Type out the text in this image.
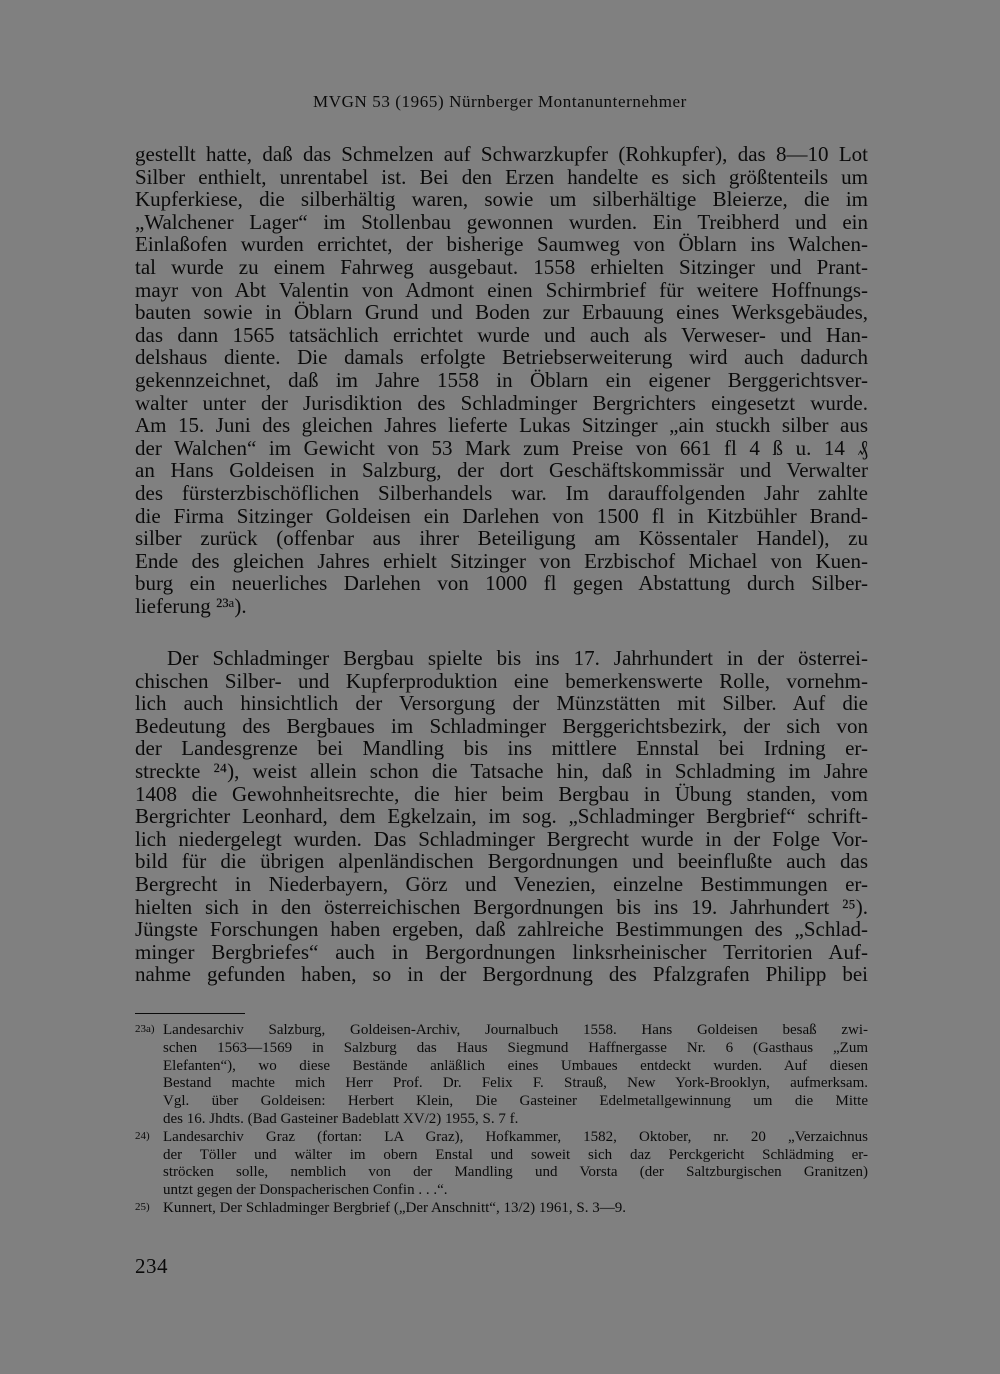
MVGN 53 (1965) Nürnberger Montanunternehmer
gestellt hatte, daß das Schmelzen auf Schwarzkupfer (Rohkupfer), das 8—10 Lot
Silber enthielt, unrentabel ist. Bei den Erzen handelte es sich größtenteils um
Kupferkiese, die silberhältig waren, sowie um silberhältige Bleierze, die im
„Walchener Lager“ im Stollenbau gewonnen wurden. Ein Treibherd und ein
Einlaßofen wurden errichtet, der bisherige Saumweg von Öblarn ins Walchen-
tal wurde zu einem Fahrweg ausgebaut. 1558 erhielten Sitzinger und Prant-
mayr von Abt Valentin von Admont einen Schirmbrief für weitere Hoffnungs-
bauten sowie in Öblarn Grund und Boden zur Erbauung eines Werksgebäudes,
das dann 1565 tatsächlich errichtet wurde und auch als Verweser- und Han-
delshaus diente. Die damals erfolgte Betriebserweiterung wird auch dadurch
gekennzeichnet, daß im Jahre 1558 in Öblarn ein eigener Berggerichtsver-
walter unter der Jurisdiktion des Schladminger Bergrichters eingesetzt wurde.
Am 15. Juni des gleichen Jahres lieferte Lukas Sitzinger „ain stuckh silber aus
der Walchen“ im Gewicht von 53 Mark zum Preise von 661 fl 4 ß u. 14 ₰
an Hans Goldeisen in Salzburg, der dort Geschäftskommissär und Verwalter
des fürsterzbischöflichen Silberhandels war. Im darauffolgenden Jahr zahlte
die Firma Sitzinger Goldeisen ein Darlehen von 1500 fl in Kitzbühler Brand-
silber zurück (offenbar aus ihrer Beteiligung am Kössentaler Handel), zu
Ende des gleichen Jahres erhielt Sitzinger von Erzbischof Michael von Kuen-
burg ein neuerliches Darlehen von 1000 fl gegen Abstattung durch Silber-
lieferung ²³ᵃ).
Der Schladminger Bergbau spielte bis ins 17. Jahrhundert in der österrei-
chischen Silber- und Kupferproduktion eine bemerkenswerte Rolle, vornehm-
lich auch hinsichtlich der Versorgung der Münzstätten mit Silber. Auf die
Bedeutung des Bergbaues im Schladminger Berggerichtsbezirk, der sich von
der Landesgrenze bei Mandling bis ins mittlere Ennstal bei Irdning er-
streckte ²⁴), weist allein schon die Tatsache hin, daß in Schladming im Jahre
1408 die Gewohnheitsrechte, die hier beim Bergbau in Übung standen, vom
Bergrichter Leonhard, dem Egkelzain, im sog. „Schladminger Bergbrief“ schrift-
lich niedergelegt wurden. Das Schladminger Bergrecht wurde in der Folge Vor-
bild für die übrigen alpenländischen Bergordnungen und beeinflußte auch das
Bergrecht in Niederbayern, Görz und Venezien, einzelne Bestimmungen er-
hielten sich in den österreichischen Bergordnungen bis ins 19. Jahrhundert ²⁵).
Jüngste Forschungen haben ergeben, daß zahlreiche Bestimmungen des „Schlad-
minger Bergbriefes“ auch in Bergordnungen linksrheinischer Territorien Auf-
nahme gefunden haben, so in der Bergordnung des Pfalzgrafen Philipp bei
23a) Landesarchiv Salzburg, Goldeisen-Archiv, Journalbuch 1558. Hans Goldeisen besaß zwi-
schen 1563—1569 in Salzburg das Haus Siegmund Haffnergasse Nr. 6 (Gasthaus „Zum
Elefanten“), wo diese Bestände anläßlich eines Umbaues entdeckt wurden. Auf diesen
Bestand machte mich Herr Prof. Dr. Felix F. Strauß, New York-Brooklyn, aufmerksam.
Vgl. über Goldeisen: Herbert Klein, Die Gasteiner Edelmetallgewinnung um die Mitte
des 16. Jhdts. (Bad Gasteiner Badeblatt XV/2) 1955, S. 7 f.
24) Landesarchiv Graz (fortan: LA Graz), Hofkammer, 1582, Oktober, nr. 20 „Verzaichnus
der Töller und wälter im obern Enstal und soweit sich daz Perckgericht Schlädming er-
ströcken solle, nemblich von der Mandling und Vorsta (der Saltzburgischen Granitzen)
untzt gegen der Donspacherischen Confin . . .“.
25) Kunnert, Der Schladminger Bergbrief („Der Anschnitt“, 13/2) 1961, S. 3—9.
234
